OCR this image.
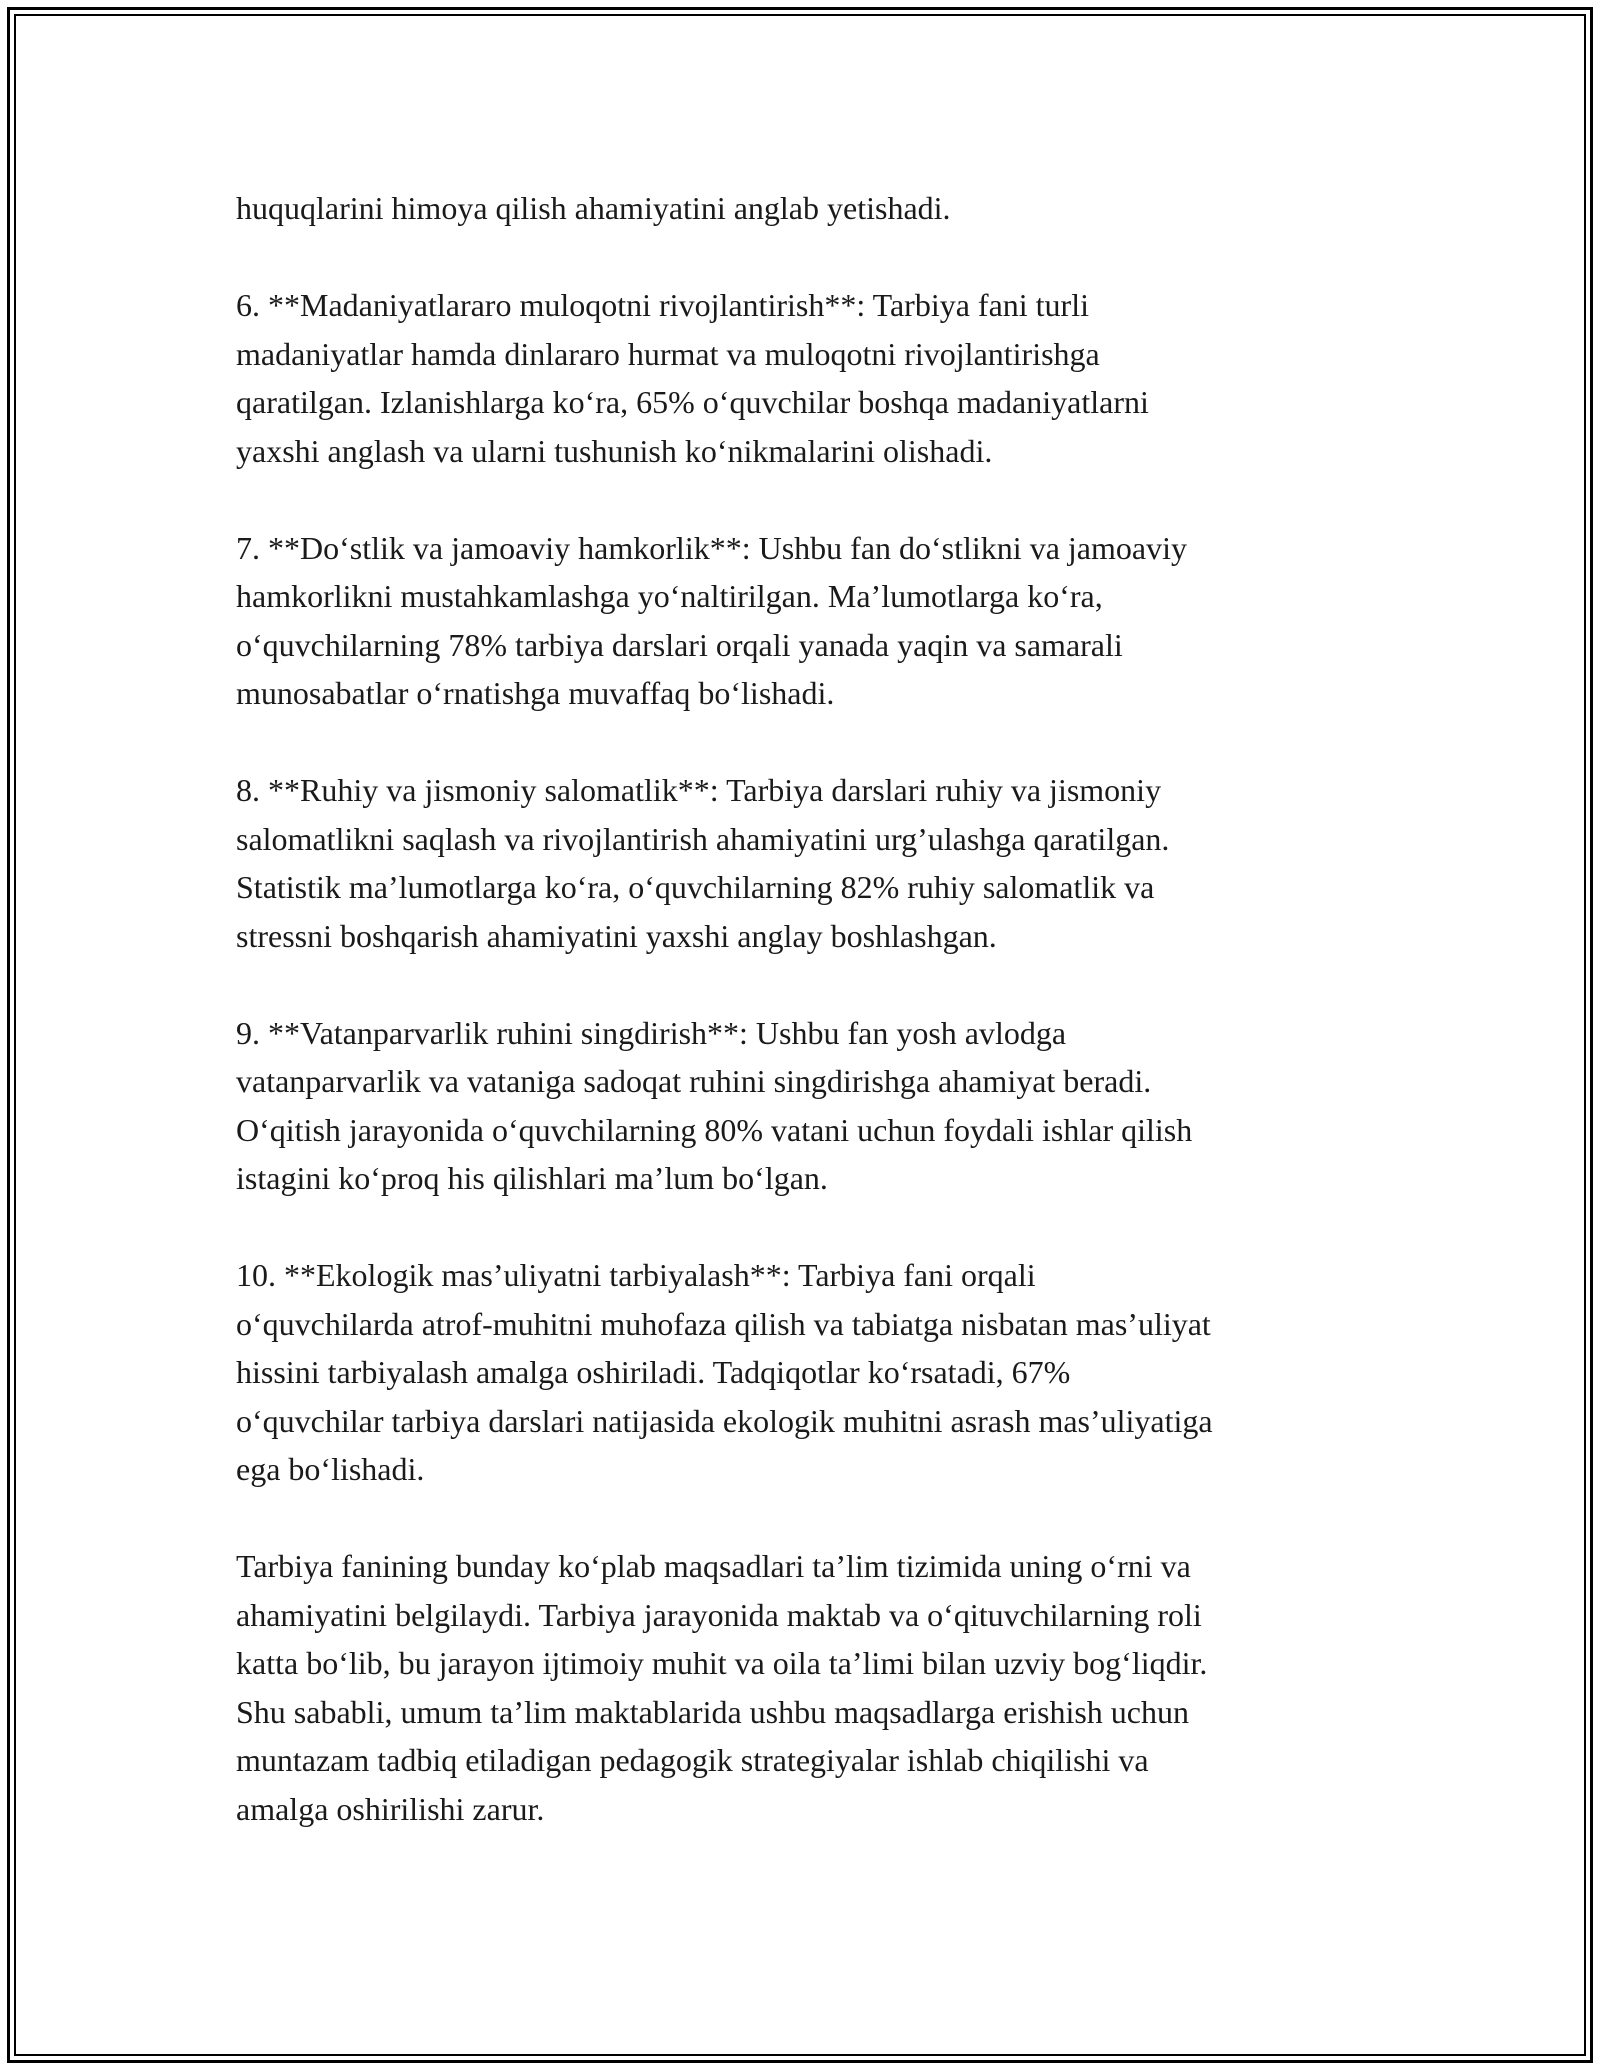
huquqlarini himoya qilish ahamiyatini anglab yetishadi.

6. **Madaniyatlararo muloqotni rivojlantirish**: Tarbiya fani turli
madaniyatlar hamda dinlararo hurmat va muloqotni rivojlantirishga
qaratilgan. Izlanishlarga ko‘ra, 65% o‘quvchilar boshqa madaniyatlarni
yaxshi anglash va ularni tushunish ko‘nikmalarini olishadi.

7. **Do‘stlik va jamoaviy hamkorlik**: Ushbu fan do‘stlikni va jamoaviy
hamkorlikni mustahkamlashga yo‘naltirilgan. Ma’lumotlarga ko‘ra,
o‘quvchilarning 78% tarbiya darslari orqali yanada yaqin va samarali
munosabatlar o‘rnatishga muvaffaq bo‘lishadi.

8. **Ruhiy va jismoniy salomatlik**: Tarbiya darslari ruhiy va jismoniy
salomatlikni saqlash va rivojlantirish ahamiyatini urg’ulashga qaratilgan.
Statistik ma’lumotlarga ko‘ra, o‘quvchilarning 82% ruhiy salomatlik va
stressni boshqarish ahamiyatini yaxshi anglay boshlashgan.

9. **Vatanparvarlik ruhini singdirish**: Ushbu fan yosh avlodga
vatanparvarlik va vataniga sadoqat ruhini singdirishga ahamiyat beradi.
O‘qitish jarayonida o‘quvchilarning 80% vatani uchun foydali ishlar qilish
istagini ko‘proq his qilishlari ma’lum bo‘lgan.

10. **Ekologik mas’uliyatni tarbiyalash**: Tarbiya fani orqali
o‘quvchilarda atrof-muhitni muhofaza qilish va tabiatga nisbatan mas’uliyat
hissini tarbiyalash amalga oshiriladi. Tadqiqotlar ko‘rsatadi, 67%
o‘quvchilar tarbiya darslari natijasida ekologik muhitni asrash mas’uliyatiga
ega bo‘lishadi.

Tarbiya fanining bunday ko‘plab maqsadlari ta’lim tizimida uning o‘rni va
ahamiyatini belgilaydi. Tarbiya jarayonida maktab va o‘qituvchilarning roli
katta bo‘lib, bu jarayon ijtimoiy muhit va oila ta’limi bilan uzviy bog‘liqdir.
Shu sababli, umum ta’lim maktablarida ushbu maqsadlarga erishish uchun
muntazam tadbiq etiladigan pedagogik strategiyalar ishlab chiqilishi va
amalga oshirilishi zarur.
